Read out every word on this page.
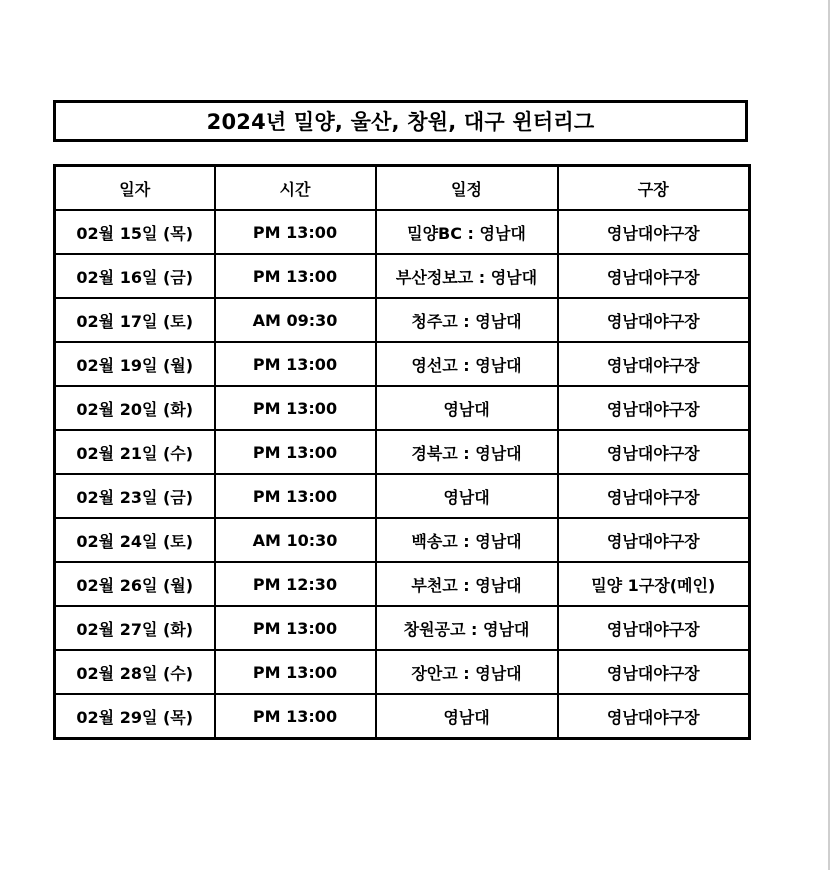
2024년 밀양, 울산, 창원, 대구 윈터리그
일자	시간	일정	구장
02월 15일 (목)	PM 13:00	밀양BC : 영남대	영남대야구장
02월 16일 (금)	PM 13:00	부산정보고 : 영남대	영남대야구장
02월 17일 (토)	AM 09:30	청주고 : 영남대	영남대야구장
02월 19일 (월)	PM 13:00	영선고 : 영남대	영남대야구장
02월 20일 (화)	PM 13:00	영남대	영남대야구장
02월 21일 (수)	PM 13:00	경북고 : 영남대	영남대야구장
02월 23일 (금)	PM 13:00	영남대	영남대야구장
02월 24일 (토)	AM 10:30	백송고 : 영남대	영남대야구장
02월 26일 (월)	PM 12:30	부천고 : 영남대	밀양 1구장(메인)
02월 27일 (화)	PM 13:00	창원공고 : 영남대	영남대야구장
02월 28일 (수)	PM 13:00	장안고 : 영남대	영남대야구장
02월 29일 (목)	PM 13:00	영남대	영남대야구장
